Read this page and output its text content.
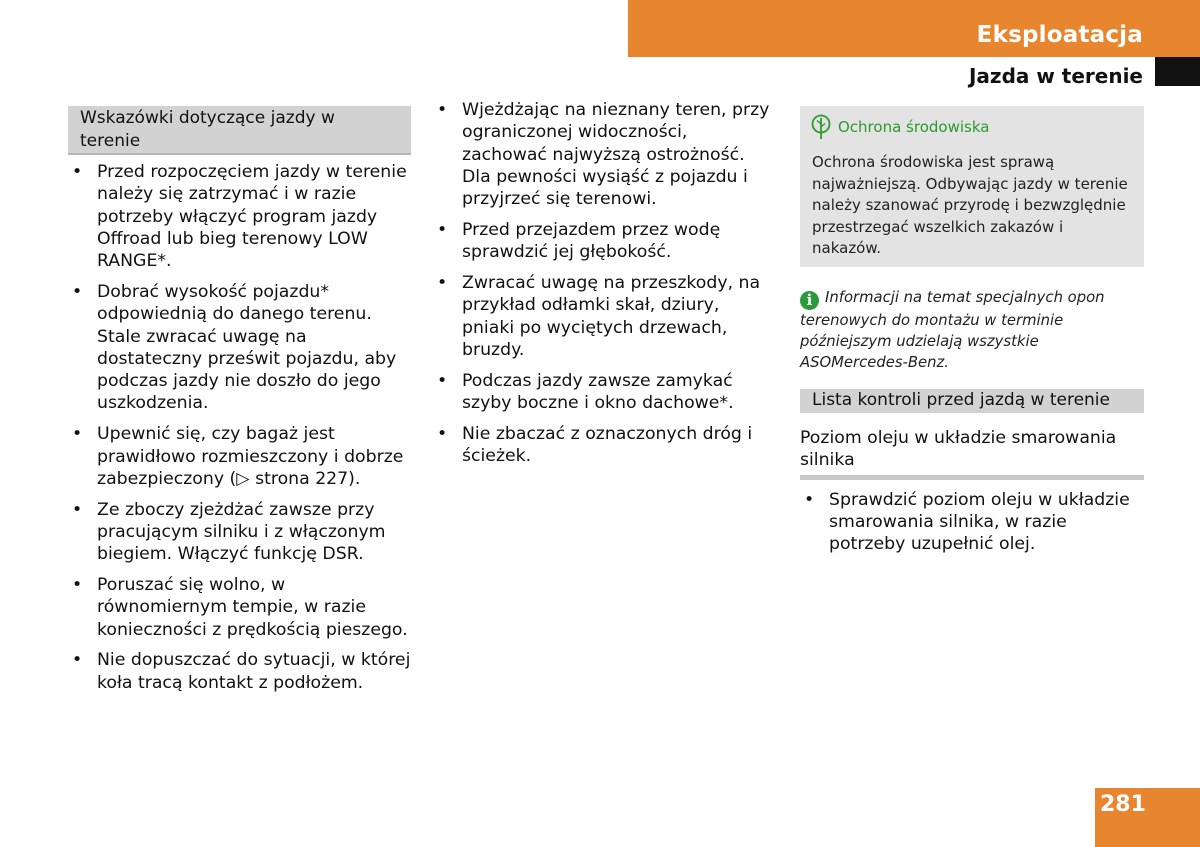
Eksploatacja
Jazda w terenie
Wskazówki dotyczące jazdy w terenie
• Przed rozpoczęciem jazdy w terenie należy się zatrzymać i w razie potrzeby włączyć program jazdy Offroad lub bieg terenowy LOW RANGE*.
• Dobrać wysokość pojazdu* odpowiednią do danego terenu. Stale zwracać uwagę na dostateczny prześwit pojazdu, aby podczas jazdy nie doszło do jego uszkodzenia.
• Upewnić się, czy bagaż jest prawidłowo rozmieszczony i dobrze zabezpieczony (▷ strona 227).
• Ze zboczy zjeżdżać zawsze przy pracującym silniku i z włączonym biegiem. Włączyć funkcję DSR.
• Poruszać się wolno, w równomiernym tempie, w razie konieczności z prędkością pieszego.
• Nie dopuszczać do sytuacji, w której koła tracą kontakt z podłożem.
• Wjeżdżając na nieznany teren, przy ograniczonej widoczności, zachować najwyższą ostrożność. Dla pewności wysiąść z pojazdu i przyjrzeć się terenowi.
• Przed przejazdem przez wodę sprawdzić jej głębokość.
• Zwracać uwagę na przeszkody, na przykład odłamki skał, dziury, pniaki po wyciętych drzewach, bruzdy.
• Podczas jazdy zawsze zamykać szyby boczne i okno dachowe*.
• Nie zbaczać z oznaczonych dróg i ścieżek.
Ochrona środowiska
Ochrona środowiska jest sprawą najważniejszą. Odbywając jazdy w terenie należy szanować przyrodę i bezwzględnie przestrzegać wszelkich zakazów i nakazów.
i Informacji na temat specjalnych opon terenowych do montażu w terminie późniejszym udzielają wszystkie ASOMercedes-Benz.
Lista kontroli przed jazdą w terenie
Poziom oleju w układzie smarowania silnika
• Sprawdzić poziom oleju w układzie smarowania silnika, w razie potrzeby uzupełnić olej.
281
